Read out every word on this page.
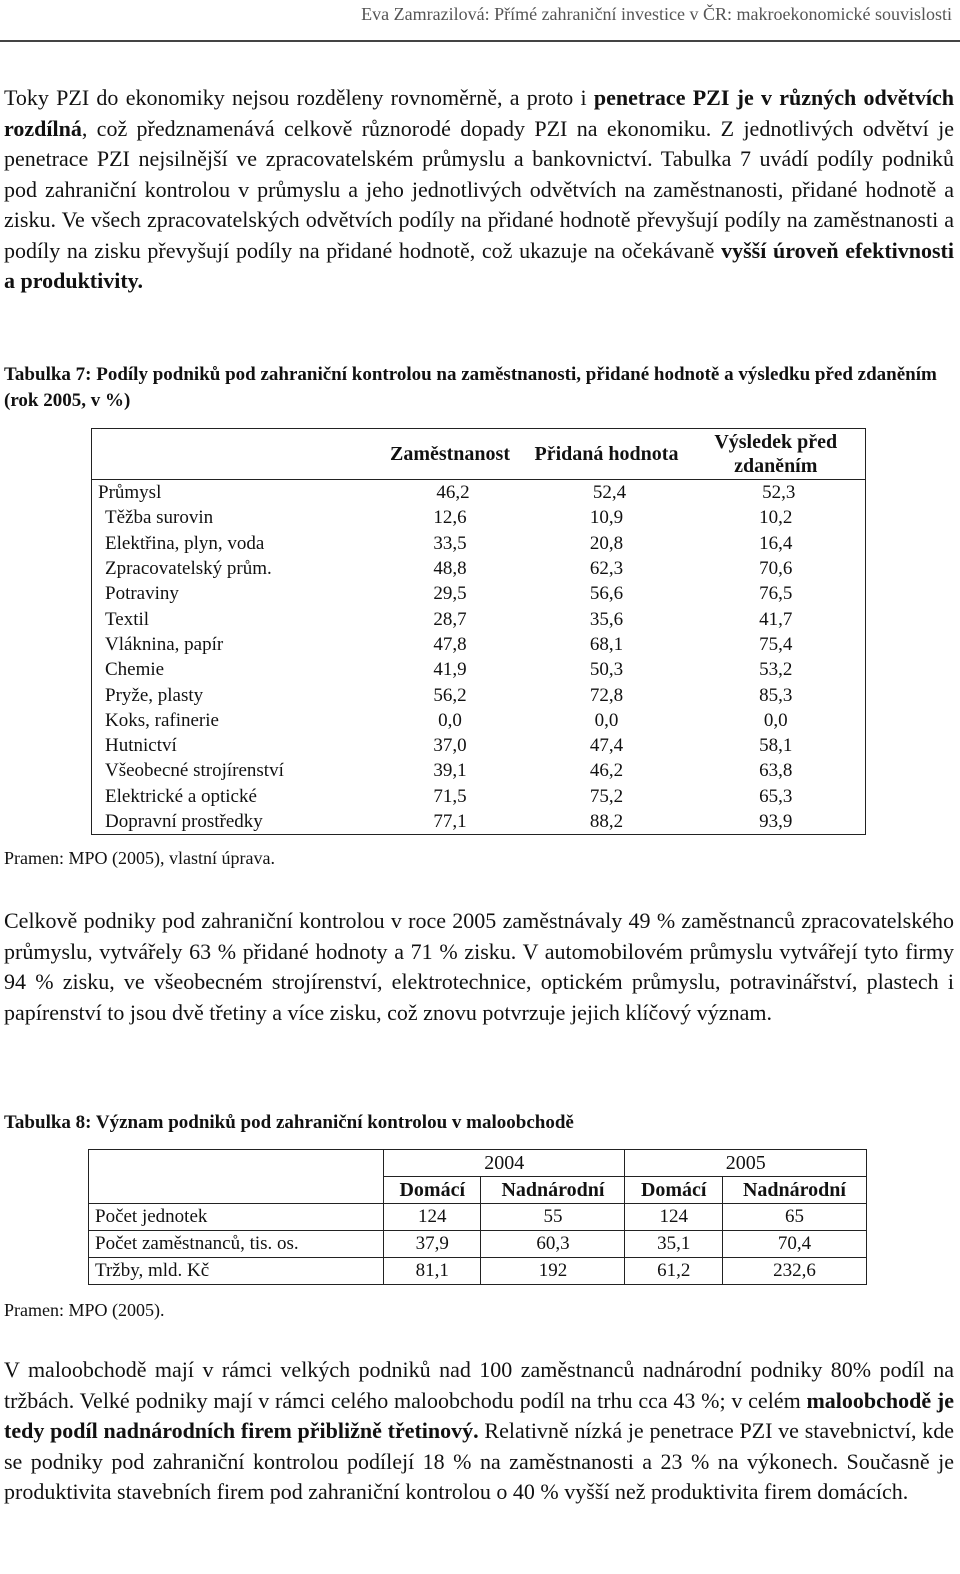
Eva Zamrazilová: Přímé zahraniční investice v ČR: makroekonomické souvislosti

Toky PZI do ekonomiky nejsou rozděleny rovnoměrně, a proto i penetrace PZI je v různých odvětvích rozdílná, což předznamenává celkově různorodé dopady PZI na ekonomiku. Z jednotlivých odvětví je penetrace PZI nejsilnější ve zpracovatelském průmyslu a bankovnictví. Tabulka 7 uvádí podíly podniků pod zahraniční kontrolou v průmyslu a jeho jednotlivých odvětvích na zaměstnanosti, přidané hodnotě a zisku. Ve všech zpracovatelských odvětvích podíly na přidané hodnotě převyšují podíly na zaměstnanosti a podíly na zisku převyšují podíly na přidané hodnotě, což ukazuje na očekávaně vyšší úroveň efektivnosti a produktivity.

Tabulka 7: Podíly podniků pod zahraniční kontrolou na zaměstnanosti, přidané hodnotě a výsledku před zdaněním (rok 2005, v %)
	Zaměstnanost	Přidaná hodnota	Výsledek před zdaněním
Průmysl	46,2	52,4	52,3
Těžba surovin	12,6	10,9	10,2
Elektřina, plyn, voda	33,5	20,8	16,4
Zpracovatelský prům.	48,8	62,3	70,6
Potraviny	29,5	56,6	76,5
Textil	28,7	35,6	41,7
Vláknina, papír	47,8	68,1	75,4
Chemie	41,9	50,3	53,2
Pryže, plasty	56,2	72,8	85,3
Koks, rafinerie	0,0	0,0	0,0
Hutnictví	37,0	47,4	58,1
Všeobecné strojírenství	39,1	46,2	63,8
Elektrické a optické	71,5	75,2	65,3
Dopravní prostředky	77,1	88,2	93,9
Pramen: MPO (2005), vlastní úprava.

Celkově podniky pod zahraniční kontrolou v roce 2005 zaměstnávaly 49 % zaměstnanců zpracovatelského průmyslu, vytvářely 63 % přidané hodnoty a 71 % zisku. V automobilovém průmyslu vytvářejí tyto firmy 94 % zisku, ve všeobecném strojírenství, elektrotechnice, optickém průmyslu, potravinářství, plastech i papírenství to jsou dvě třetiny a více zisku, což znovu potvrzuje jejich klíčový význam.

Tabulka 8: Význam podniků pod zahraniční kontrolou v maloobchodě
	2004		2005	
	Domácí	Nadnárodní	Domácí	Nadnárodní
Počet jednotek	124	55	124	65
Počet zaměstnanců, tis. os.	37,9	60,3	35,1	70,4
Tržby, mld. Kč	81,1	192	61,2	232,6
Pramen: MPO (2005).

V maloobchodě mají v rámci velkých podniků nad 100 zaměstnanců nadnárodní podniky 80% podíl na tržbách. Velké podniky mají v rámci celého maloobchodu podíl na trhu cca 43 %; v celém maloobchodě je tedy podíl nadnárodních firem přibližně třetinový. Relativně nízká je penetrace PZI ve stavebnictví, kde se podniky pod zahraniční kontrolou podílejí 18 % na zaměstnanosti a 23 % na výkonech. Současně je produktivita stavebních firem pod zahraniční kontrolou o 40 % vyšší než produktivita firem domácích.
